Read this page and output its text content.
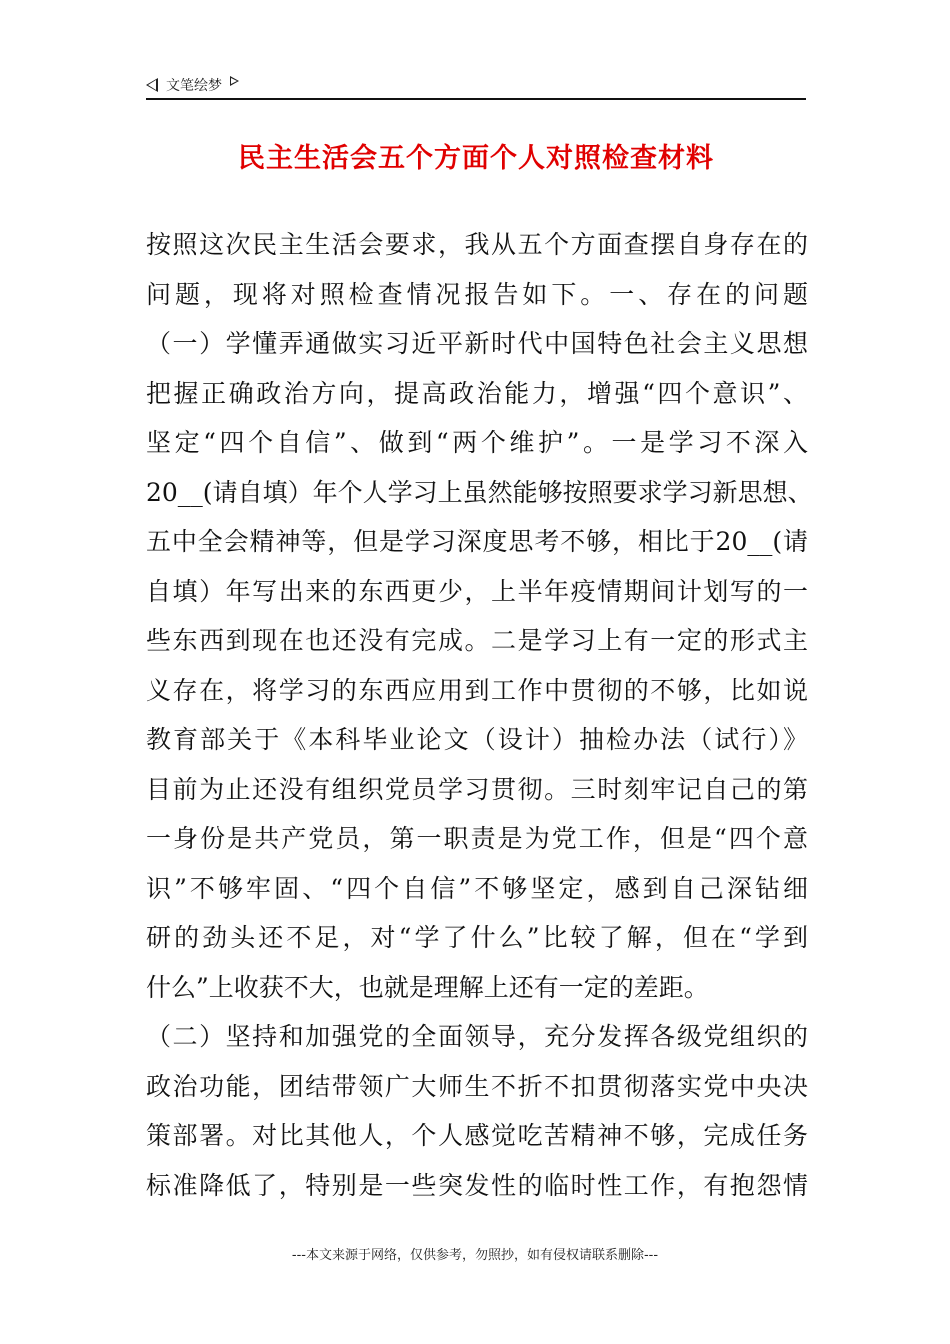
文笔绘梦
民主生活会五个方面个人对照检查材料
按照这次民主生活会要求，我从五个方面查摆自身存在的
问题，现将对照检查情况报告如下。一、存在的问题
（一）学懂弄通做实习近平新时代中国特色社会主义思想
把握正确政治方向，提高政治能力，增强“四个意识”、
坚定“四个自信”、做到“两个维护”。一是学习不深入
20__(请自填）年个人学习上虽然能够按照要求学习新思想、
五中全会精神等，但是学习深度思考不够，相比于20__(请
自填）年写出来的东西更少，上半年疫情期间计划写的一
些东西到现在也还没有完成。二是学习上有一定的形式主
义存在，将学习的东西应用到工作中贯彻的不够，比如说
教育部关于《本科毕业论文（设计）抽检办法（试行）》
目前为止还没有组织党员学习贯彻。三时刻牢记自己的第
一身份是共产党员，第一职责是为党工作，但是“四个意
识”不够牢固、“四个自信”不够坚定，感到自己深钻细
研的劲头还不足，对“学了什么”比较了解，但在“学到
什么”上收获不大，也就是理解上还有一定的差距。
（二）坚持和加强党的全面领导，充分发挥各级党组织的
政治功能，团结带领广大师生不折不扣贯彻落实党中央决
策部署。对比其他人，个人感觉吃苦精神不够，完成任务
标准降低了，特别是一些突发性的临时性工作，有抱怨情
---本文来源于网络，仅供参考，勿照抄，如有侵权请联系删除---
